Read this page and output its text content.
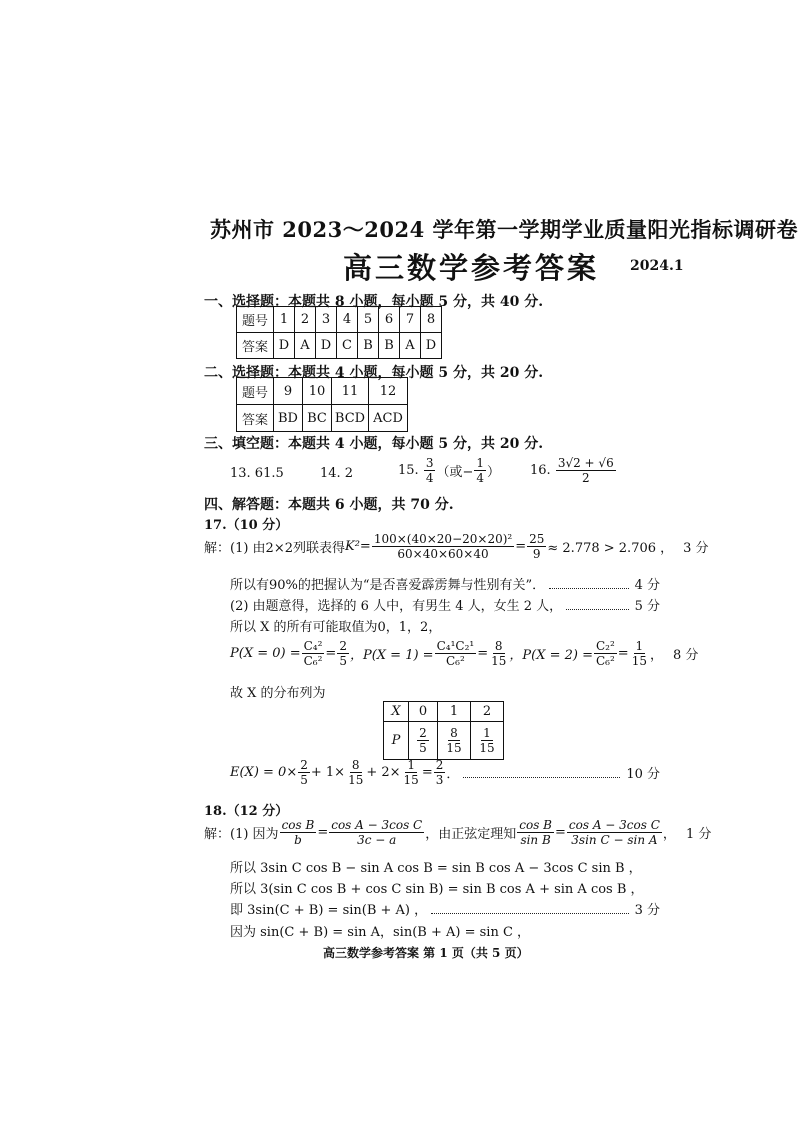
苏州市 2023～2024 学年第一学期学业质量阳光指标调研卷
高三数学参考答案 2024.1
一、选择题：本题共 8 小题，每小题 5 分，共 40 分.
题号	1	2	3	4	5	6	7	8
答案	D	A	D	C	B	B	A	D
二、选择题：本题共 4 小题，每小题 5 分，共 20 分.
题号	9	10	11	12
答案	BD	BC	BCD	ACD
三、填空题：本题共 4 小题，每小题 5 分，共 20 分.
13. 61.5	14. 2	15.
$\frac{3}{4}$ （或− $\frac{1}{4}$ ） 16.
$\frac{3√2 + √6}{2}$
四、解答题：本题共 6 小题，共 70 分.
17.（10 分）
解：(1) 由2×2列联表得 $K^2 = \frac{\text{100×(40×20−20×20)²}}{60\times 40\times 60\times 40} = \frac{25}{9} \approx 2.778 > 2.706$ ， 3 分
所以有90%的把握认为“是否喜爱霹雳舞与性别有关”．	4 分
(2) 由题意得，选择的 6 人中，有男生 4 人，女生 2 人，	5 分
所以 X 的所有可能取值为0，1，2，
$P(X = 0) = \frac{\text{C₄²}}{\text{C₆²}} = \frac{2}{5}$ ，$P(X = 1) = \frac{\text{C₄¹C₂¹}}{\text{C₆²}} = \frac{8}{15}$ ，$P(X = 2) = \frac{\text{C₂²}}{\text{C₆²}} = \frac{1}{15}$ ， 8 分
故 X 的分布列为
X	0	1	2
P	$\frac{2}{5}$	$\frac{8}{15}$	$\frac{1}{15}$
$E(X) = 0\times \frac{2}{5} + 1\times \frac{8}{15} + 2\times \frac{1}{15} = \frac{2}{3}$ ．	10 分
18.（12 分）
解：(1) 因为 $\frac{\text{cos B}}{b} = \frac{\text{cos A − 3cos C}}{3c - a}$ ，由正弦定理知 $\frac{\text{cos B}}{\text{sin B}} = \frac{\text{cos A − 3cos C}}{\text{3sin C − sin A}}$ ， 1 分
所以 3sin C cos B − sin A cos B = sin B cos A − 3cos C sin B ，
所以 3(sin C cos B + cos C sin B) = sin B cos A + sin A cos B ，
即 3sin(C + B) = sin(B + A) ，	3 分
因为 sin(C + B) = sin A，sin(B + A) = sin C ，
高三数学参考答案 第 1 页（共 5 页）
